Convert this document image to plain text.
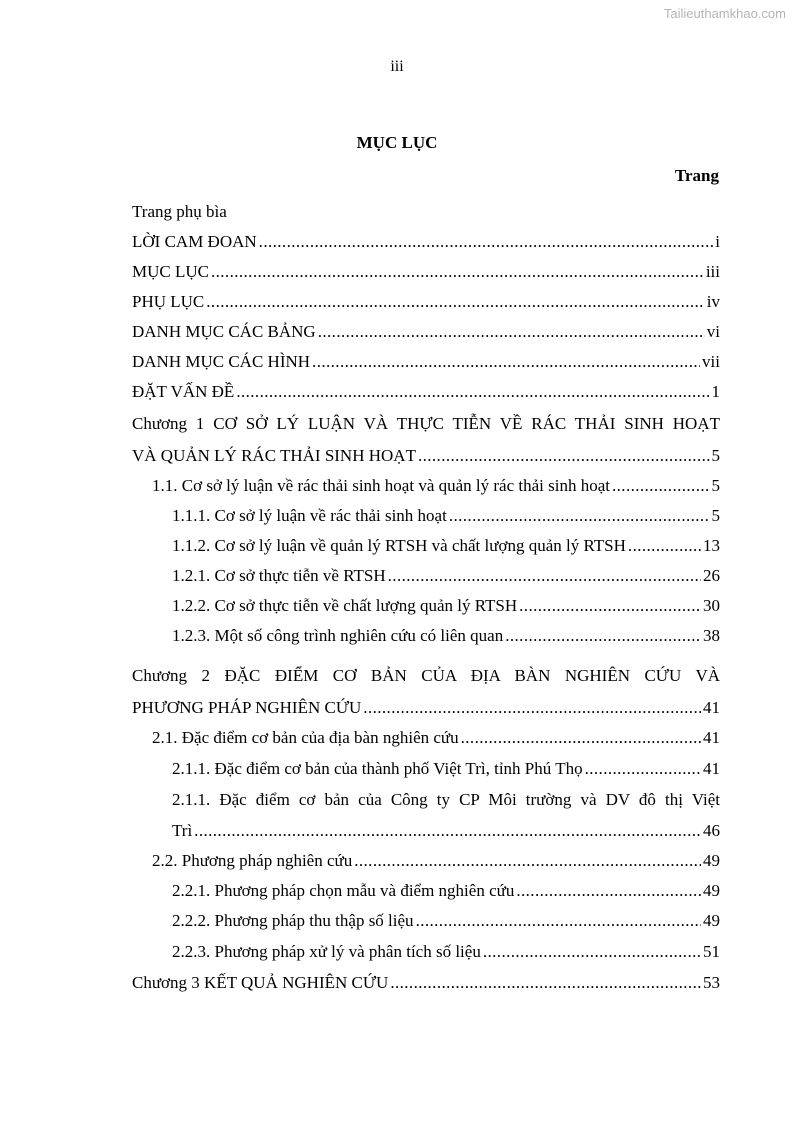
Tailieuthamkhao.com
iii
MỤC LỤC
Trang
Trang phụ bìa
LỜI CAM ĐOAN .....	i
MỤC LỤC .....	iii
PHỤ LỤC .....	iv
DANH MỤC CÁC BẢNG .....	vi
DANH MỤC CÁC HÌNH .....	vii
ĐẶT VẤN ĐỀ .....	1
Chương 1 CƠ SỞ LÝ LUẬN VÀ THỰC TIỄN VỀ RÁC THẢI SINH HOẠT
VÀ QUẢN LÝ RÁC THẢI SINH HOẠT .....	5
1.1. Cơ sở lý luận về rác thải sinh hoạt và quản lý rác thải sinh hoạt .....	5
1.1.1. Cơ sở lý luận về rác thải sinh hoạt .....	5
1.1.2. Cơ sở lý luận về quản lý RTSH và chất lượng quản lý RTSH .....	13
1.2.1. Cơ sở thực tiễn về RTSH .....	26
1.2.2. Cơ sở thực tiễn về chất lượng quản lý RTSH .....	30
1.2.3. Một số công trình nghiên cứu có liên quan .....	38
Chương 2 ĐẶC ĐIỂM CƠ BẢN CỦA ĐỊA BÀN NGHIÊN CỨU VÀ
PHƯƠNG PHÁP NGHIÊN CỨU .....	41
2.1. Đặc điểm cơ bản của địa bàn nghiên cứu .....	41
2.1.1. Đặc điểm cơ bản của thành phố Việt Trì, tỉnh Phú Thọ .....	41
2.1.1. Đặc điểm cơ bản của Công ty CP Môi trường và DV đô thị Việt
Trì .....	46
2.2. Phương pháp nghiên cứu .....	49
2.2.1. Phương pháp chọn mẫu và điểm nghiên cứu .....	49
2.2.2. Phương pháp thu thập số liệu .....	49
2.2.3. Phương pháp xử lý và phân tích số liệu .....	51
Chương 3 KẾT QUẢ NGHIÊN CỨU .....	53
